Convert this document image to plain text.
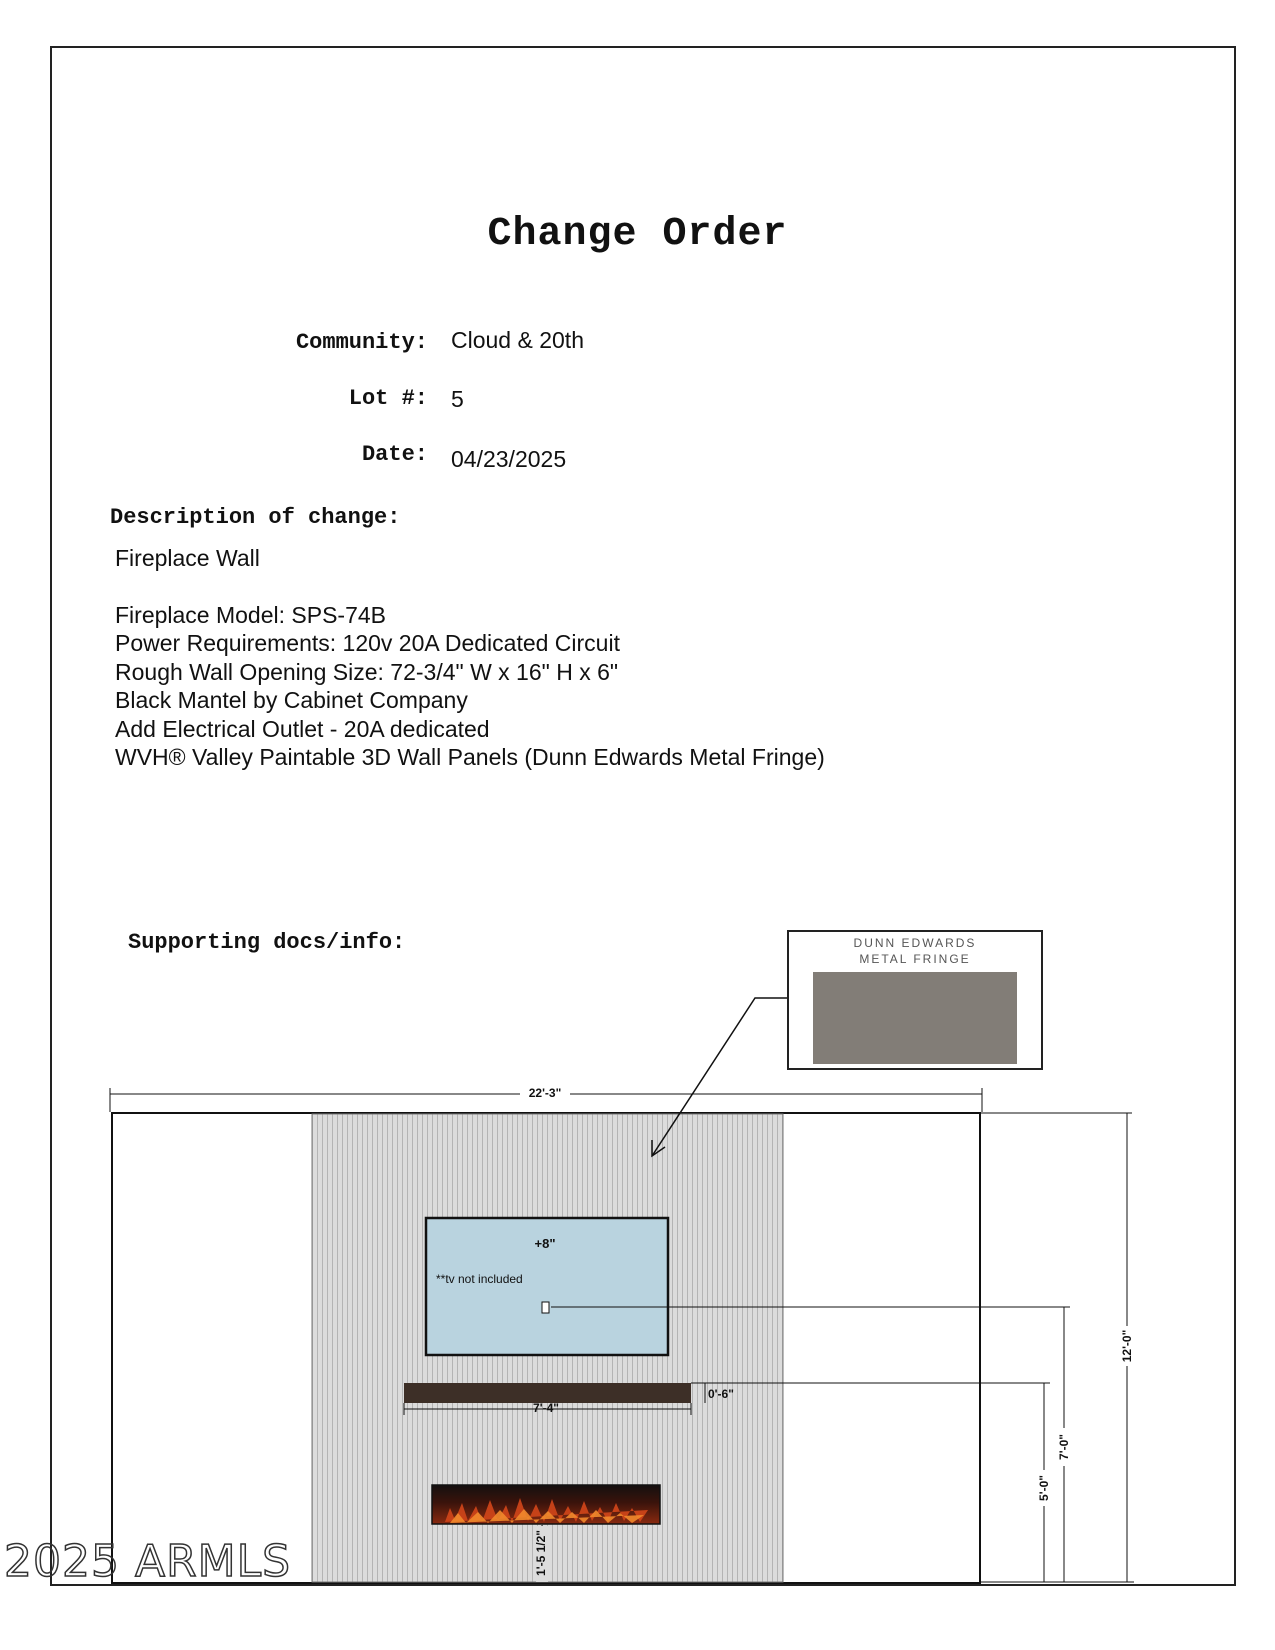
Change Order
Community: Cloud & 20th
Lot #: 5
Date: 04/23/2025
Description of change:
Fireplace Wall
Fireplace Model: SPS-74B
Power Requirements: 120v 20A Dedicated Circuit
Rough Wall Opening Size: 72-3/4" W x 16" H x 6"
Black Mantel by Cabinet Company
Add Electrical Outlet - 20A dedicated
WVH® Valley Paintable 3D Wall Panels (Dunn Edwards Metal Fringe)
Supporting docs/info:	DUNN EDWARDS
METAL FRINGE
22'-3"
+8"
**tv not included
7'-0"
7'-4"
0'-6"
5'-0"
12'-0"
1'-5 1/2"
2025 ARMLS
